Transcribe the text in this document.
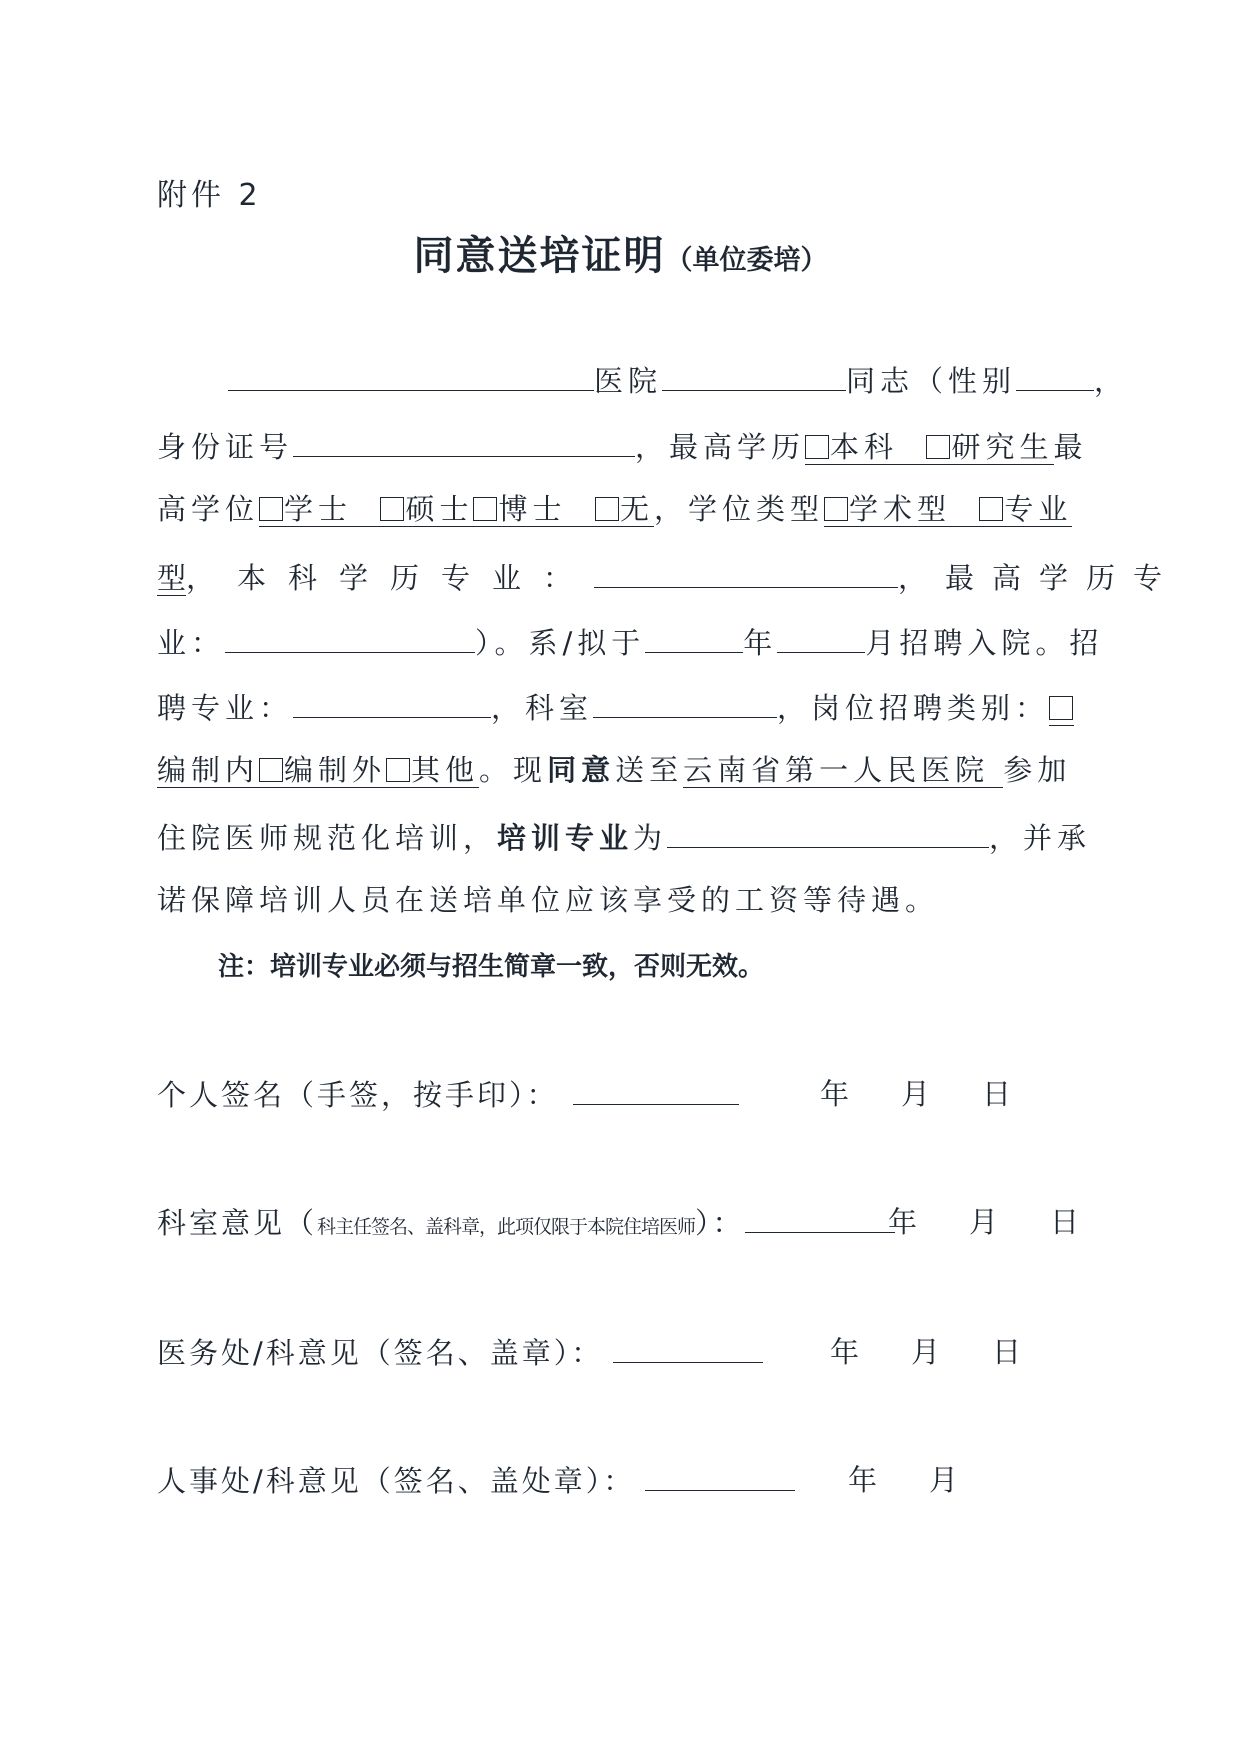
附件 2
同意送培证明（单位委培）
医院	同志（性别	，
身份证号	，最高学历 本科 研究生最
高学位 学士 硕士 博士 无，学位类型 学术型 专业
型，本科学历专业：	，最高学历专
业：	）。系/拟于	年	月招聘入院。招
聘专业：	，科室	，岗位招聘类别：
编制内 编制外 其他。现同意送至云南省第一人民医院 参加
住院医师规范化培训，培训专业为	，并承
诺保障培训人员在送培单位应该享受的工资等待遇。
注：培训专业必须与招生简章一致，否则无效。
个人签名（手签，按手印）：	年 月 日
科室意见（科主任签名、盖科章，此项仅限于本院住培医师）：	年 月 日
医务处/科意见（签名、盖章）：	年 月 日
人事处/科意见（签名、盖处章）：	年 月
